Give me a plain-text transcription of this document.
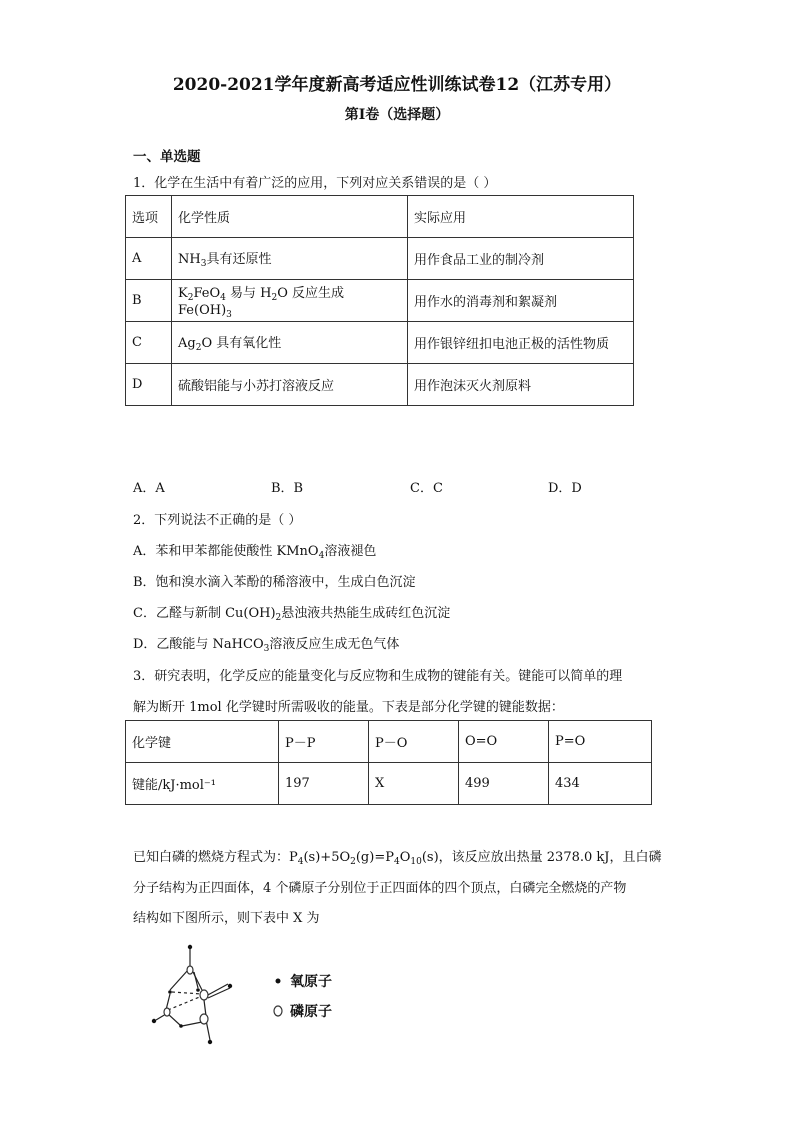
2020-2021学年度新高考适应性训练试卷12（江苏专用）
第Ⅰ卷（选择题）
一、单选题
1．化学在生活中有着广泛的应用，下列对应关系错误的是（ ）
选项	化学性质	实际应用
A	$NH_3$具有还原性	用作食品工业的制冷剂
B	$K_2FeO_4$ 易与 $H_2O$ 反应生成 $Fe(OH)_3$	用作水的消毒剂和絮凝剂
C	$Ag_2O$ 具有氧化性	用作银锌纽扣电池正极的活性物质
D	硫酸铝能与小苏打溶液反应	用作泡沫灭火剂原料
A．A	B．B	C．C	D．D
2．下列说法不正确的是（ ）
A．苯和甲苯都能使酸性 KMnO$_4$溶液褪色
B．饱和溴水滴入苯酚的稀溶液中，生成白色沉淀
C．乙醛与新制 $Cu(OH)_2$悬浊液共热能生成砖红色沉淀
D．乙酸能与 NaHCO$_3$溶液反应生成无色气体
3．研究表明，化学反应的能量变化与反应物和生成物的键能有关。键能可以简单的理
解为断开 1mol 化学键时所需吸收的能量。下表是部分化学键的键能数据：
化学键	P－P	P－O	O=O	P=O
键能/kJ·mol⁻¹	197	X	499	434
已知白磷的燃烧方程式为：$P_4(s)+5O_2(g)=P_4O_{10}(s)$，该反应放出热量 2378.0 kJ，且白磷
分子结构为正四面体，4 个磷原子分别位于正四面体的四个顶点，白磷完全燃烧的产物
结构如下图所示，则下表中 X 为
氧原子
磷原子
